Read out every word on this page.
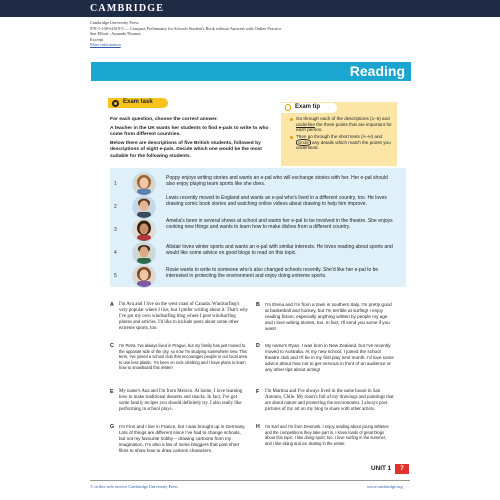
CAMBRIDGE
Cambridge University Press
978-1-108-61619-5 — Compact Preliminary for Schools Student's Book without Answers with Online Practice
Sue Elliott , Amanda Thomas
Excerpt
More information
Reading
Exam task

For each question, choose the correct answer.

A teacher in the UK wants her students to find e-pals to write to who come from different countries.

Below there are descriptions of five British students, followed by descriptions of eight e-pals. Decide which one would be the most suitable for the following students.

Exam tip
Go through each of the descriptions (1–5) and underline the three points that are important for each person.
Then go through the short texts (A–H) and circle any details which match the points you underlined.
1
Poppy enjoys writing stories and wants an e-pal who will exchange stories with her. Her e-pal should also enjoy playing team sports like she does.
2
Lewis recently moved to England and wants an e-pal who's lived in a different country, too. He loves drawing comic book stories and watching online videos about drawing to help him improve.
3
Amelia's been in several shows at school and wants her e-pal to be involved in the theatre. She enjoys cooking new things and wants to learn how to make dishes from a different country.
4
Alistair loves winter sports and wants an e-pal with similar interests. He loves reading about sports and would like some advice on good blogs to read on this topic.
5
Rosie wants to write to someone who's also changed schools recently. She'd like her e-pal to be interested in protecting the environment and enjoy doing extreme sports.
A I'm Ava and I live on the west coast of Canada. Windsurfing's very popular where I live, but I prefer writing about it. That's why I've got my own windsurfing blog where I post windsurfing photos and articles. I'd like to include posts about some other extreme sports, too.
B I'm Elena and I'm from a town in southern Italy. I'm pretty good at basketball and hockey, but I'm terrible at surfing! I enjoy reading fiction, especially anything written by people my age, and I love writing stories, too. In fact, I'll send you some if you want!
C I'm Petra. I've always lived in Prague, but my family has just moved to the opposite side of the city, so now I'm studying somewhere new. This term, I've joined a school club that encourages people in our local area to use less plastic. I'm keen on rock climbing and I have plans to learn how to snowboard this winter!
D My name's Ryan. I was born in New Zealand, but I've recently moved to Australia. At my new school, I joined the school theatre club and I'll be in my first play next month. I'd love some advice about how not to get nervous in front of an audience or any other tips about acting!
E My name's Ana and I'm from Mexico. At home, I love learning how to make traditional desserts and snacks. In fact, I've got some family recipes you should definitely try. I also really like performing in school plays.
F I'm Martina and I've always lived in the same house in San Antonio, Chile. My room's full of my drawings and paintings that are about nature and protecting the environment. I always post pictures of my art on my blog to share with other artists.
G I'm Finn and I live in France, but I was brought up in Germany. Lots of things are different since I've had to change schools, but not my favourite hobby – drawing cartoons from my imagination. I'm also a fan of some bloggers that post short films to show how to draw cartoon characters.
H I'm Karl and I'm from Denmark. I enjoy reading about young athletes and the competitions they take part in. I know loads of great blogs about this topic. I like doing sport, too. I love surfing in the summer, and I like skiing and ice skating in the winter.
UNIT 1	7
© in this web service Cambridge University Press	www.cambridge.org
